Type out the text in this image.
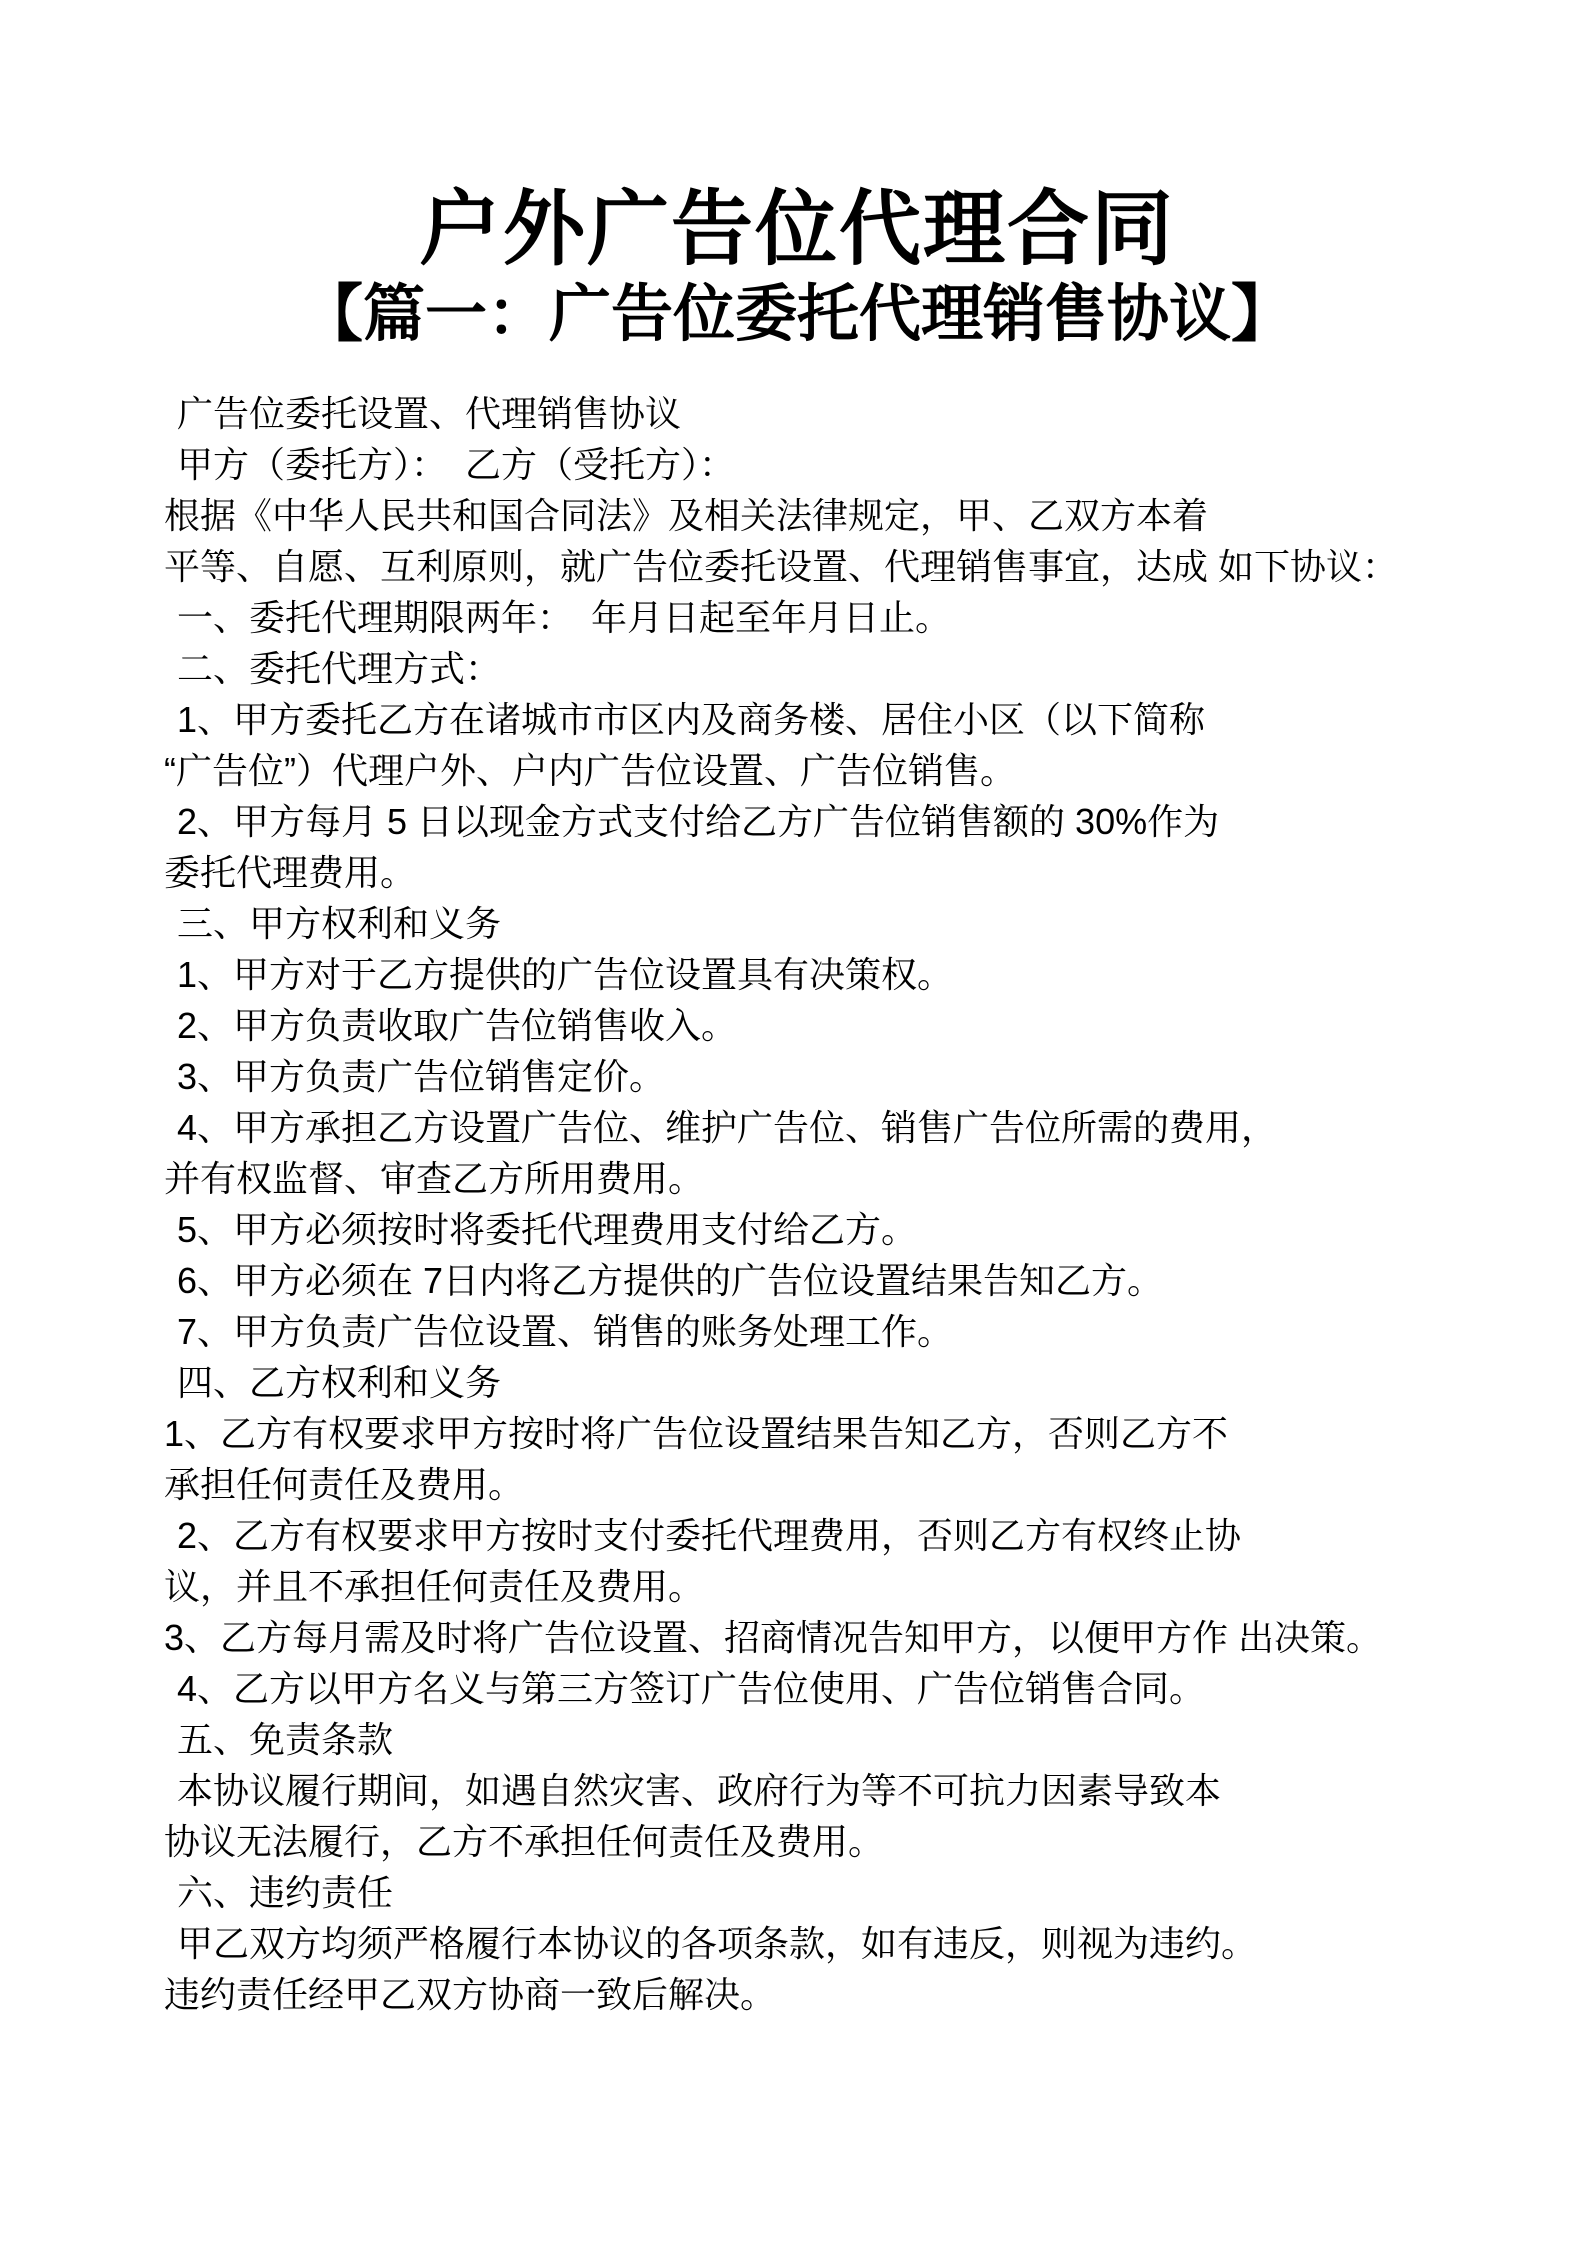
户外广告位代理合同
【篇一：广告位委托代理销售协议】
广告位委托设置、代理销售协议
甲方（委托方）：　乙方（受托方）：
根据《中华人民共和国合同法》及相关法律规定，甲、乙双方本着
平等、自愿、互利原则，就广告位委托设置、代理销售事宜，达成 如下协议：
一、委托代理期限两年：　年月日起至年月日止。
二、委托代理方式：
1、甲方委托乙方在诸城市市区内及商务楼、居住小区（以下简称
“广告位”）代理户外、户内广告位设置、广告位销售。
2、甲方每月 5 日以现金方式支付给乙方广告位销售额的 30%作为
委托代理费用。
三、甲方权利和义务
1、甲方对于乙方提供的广告位设置具有决策权。
2、甲方负责收取广告位销售收入。
3、甲方负责广告位销售定价。
4、甲方承担乙方设置广告位、维护广告位、销售广告位所需的费用，
并有权监督、审查乙方所用费用。
5、甲方必须按时将委托代理费用支付给乙方。
6、甲方必须在 7日内将乙方提供的广告位设置结果告知乙方。
7、甲方负责广告位设置、销售的账务处理工作。
四、乙方权利和义务
1、乙方有权要求甲方按时将广告位设置结果告知乙方，否则乙方不
承担任何责任及费用。
2、乙方有权要求甲方按时支付委托代理费用，否则乙方有权终止协
议，并且不承担任何责任及费用。
3、乙方每月需及时将广告位设置、招商情况告知甲方，以便甲方作 出决策。
4、乙方以甲方名义与第三方签订广告位使用、广告位销售合同。
五、免责条款
本协议履行期间，如遇自然灾害、政府行为等不可抗力因素导致本
协议无法履行，乙方不承担任何责任及费用。
六、违约责任
甲乙双方均须严格履行本协议的各项条款，如有违反，则视为违约。
违约责任经甲乙双方协商一致后解决。
